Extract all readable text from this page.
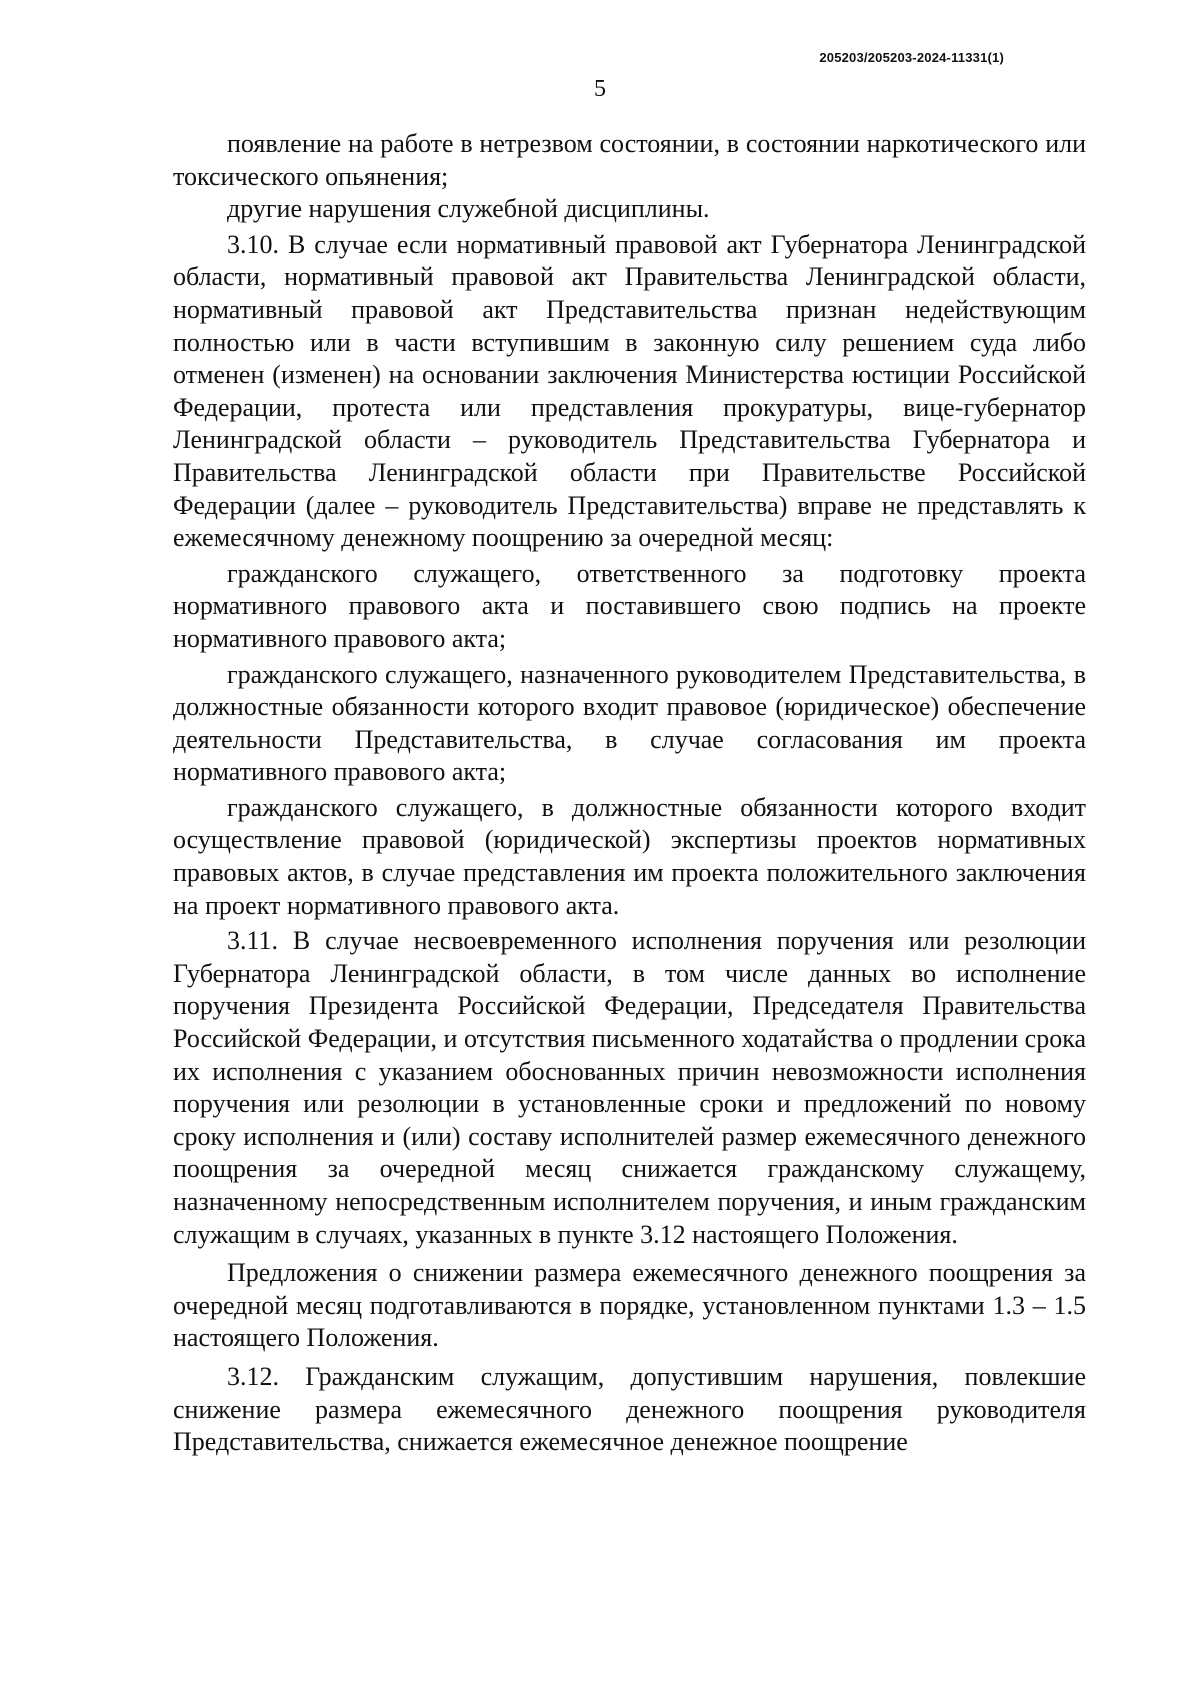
205203/205203-2024-11331(1)
5

появление на работе в нетрезвом состоянии, в состоянии наркотического или токсического опьянения;

другие нарушения служебной дисциплины.

3.10. В случае если нормативный правовой акт Губернатора Ленинградской области, нормативный правовой акт Правительства Ленинградской области, нормативный правовой акт Представительства признан недействующим полностью или в части вступившим в законную силу решением суда либо отменен (изменен) на основании заключения Министерства юстиции Российской Федерации, протеста или представления прокуратуры, вице-губернатор Ленинградской области – руководитель Представительства Губернатора и Правительства Ленинградской области при Правительстве Российской Федерации (далее – руководитель Представительства) вправе не представлять к ежемесячному денежному поощрению за очередной месяц:

гражданского служащего, ответственного за подготовку проекта нормативного правового акта и поставившего свою подпись на проекте нормативного правового акта;

гражданского служащего, назначенного руководителем Представительства, в должностные обязанности которого входит правовое (юридическое) обеспечение деятельности Представительства, в случае согласования им проекта нормативного правового акта;

гражданского служащего, в должностные обязанности которого входит осуществление правовой (юридической) экспертизы проектов нормативных правовых актов, в случае представления им проекта положительного заключения на проект нормативного правового акта.

3.11. В случае несвоевременного исполнения поручения или резолюции Губернатора Ленинградской области, в том числе данных во исполнение поручения Президента Российской Федерации, Председателя Правительства Российской Федерации, и отсутствия письменного ходатайства о продлении срока их исполнения с указанием обоснованных причин невозможности исполнения поручения или резолюции в установленные сроки и предложений по новому сроку исполнения и (или) составу исполнителей размер ежемесячного денежного поощрения за очередной месяц снижается гражданскому служащему, назначенному непосредственным исполнителем поручения, и иным гражданским служащим в случаях, указанных в пункте 3.12 настоящего Положения.

Предложения о снижении размера ежемесячного денежного поощрения за очередной месяц подготавливаются в порядке, установленном пунктами 1.3 – 1.5 настоящего Положения.

3.12. Гражданским служащим, допустившим нарушения, повлекшие снижение размера ежемесячного денежного поощрения руководителя Представительства, снижается ежемесячное денежное поощрение
